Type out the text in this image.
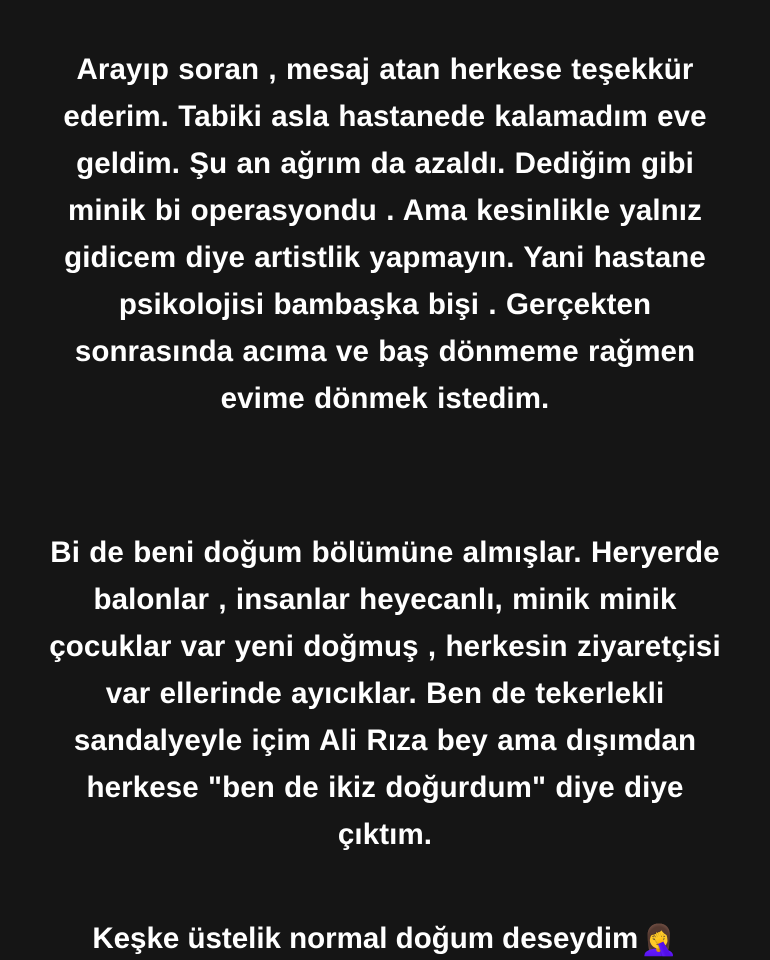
Arayıp soran , mesaj atan herkese teşekkür ederim. Tabiki asla hastanede kalamadım eve geldim. Şu an ağrım da azaldı. Dediğim gibi minik bi operasyondu . Ama kesinlikle yalnız gidicem diye artistlik yapmayın. Yani hastane psikolojisi bambaşka bişi . Gerçekten sonrasında acıma ve baş dönmeme rağmen evime dönmek istedim.

Bi de beni doğum bölümüne almışlar. Heryerde balonlar , insanlar heyecanlı, minik minik çocuklar var yeni doğmuş , herkesin ziyaretçisi var ellerinde ayıcıklar. Ben de tekerlekli sandalyeyle içim Ali Rıza bey ama dışımdan herkese "ben de ikiz doğurdum" diye diye çıktım.

Keşke üstelik normal doğum deseydim 🤦‍♀️
